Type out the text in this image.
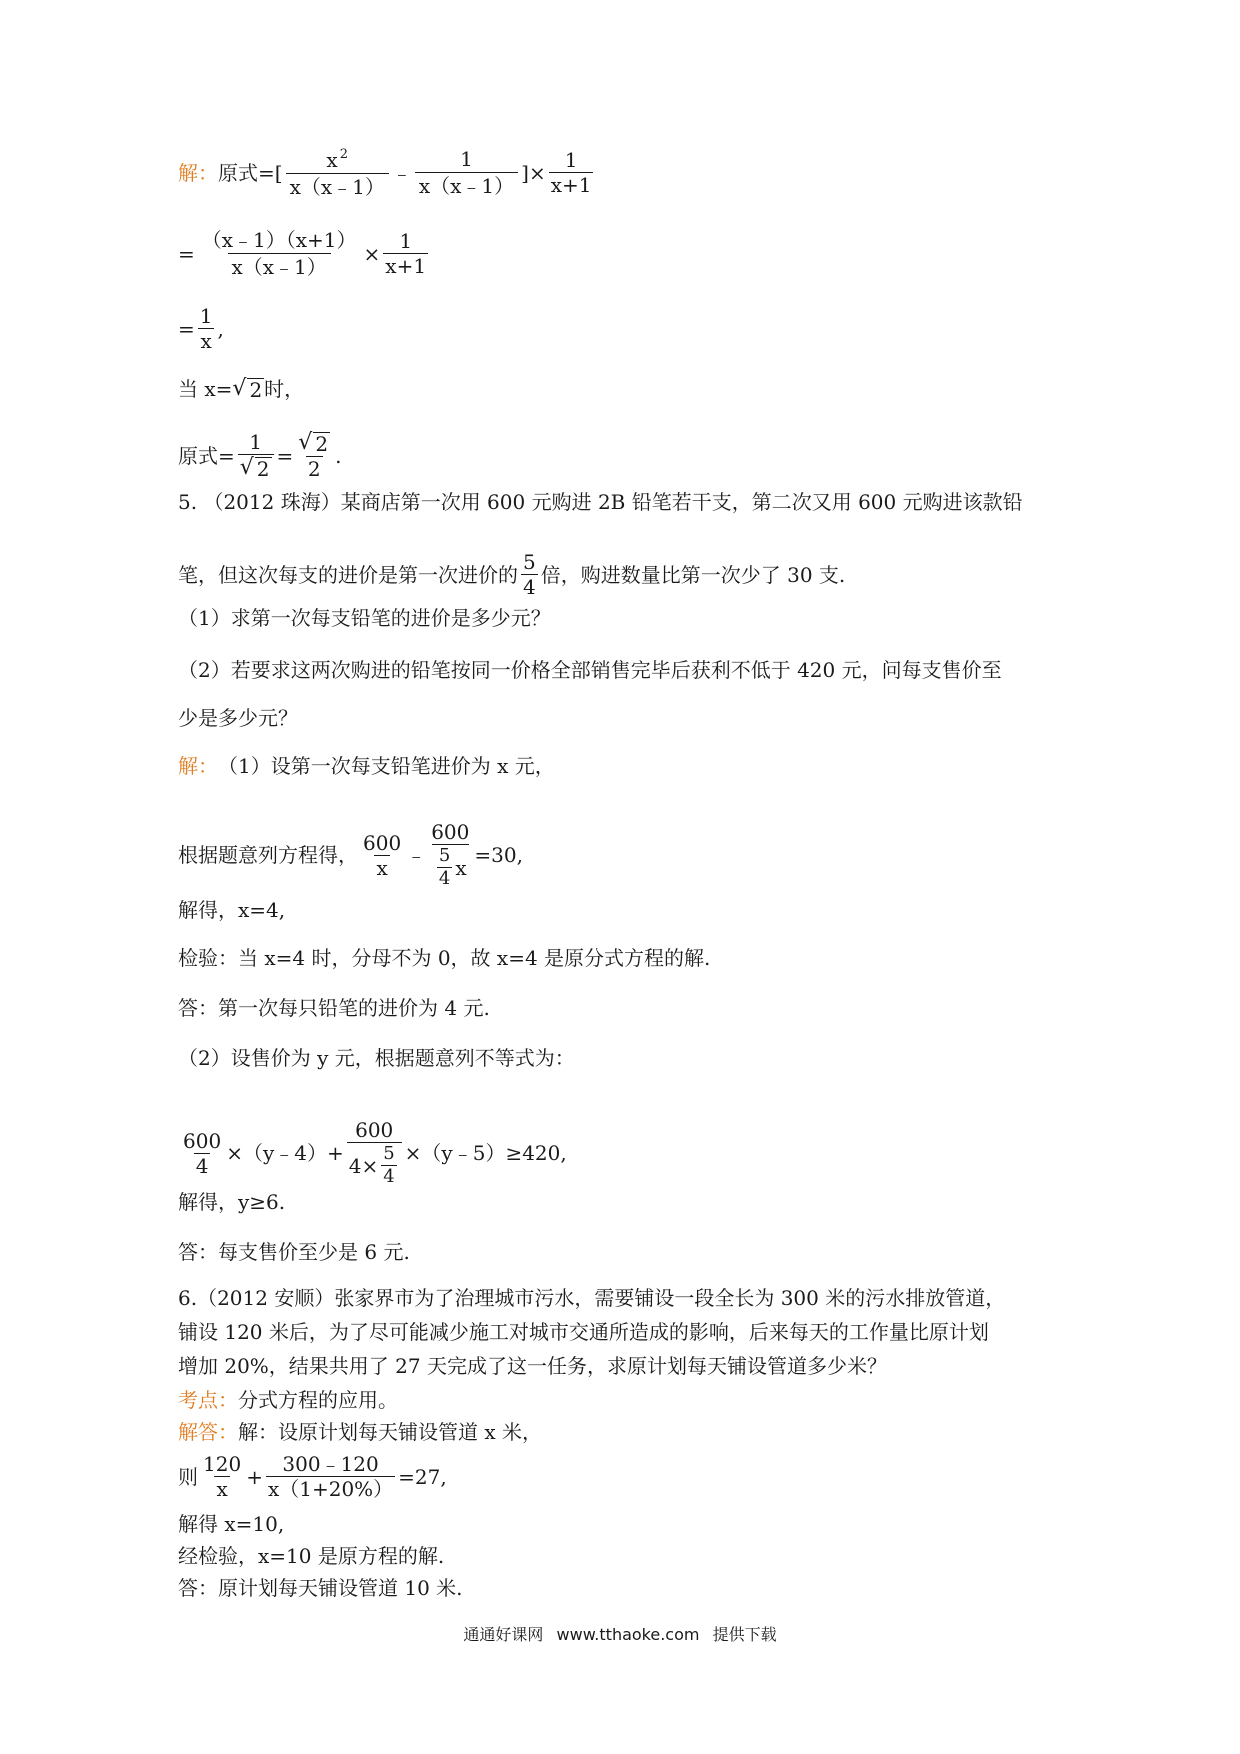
解： 原式=[ $\frac{x ^2}{x(x﹣1)}$ ﹣ $\frac{1}{x(x﹣1)}$ ]× $\frac{1}{x+1}$
= $\frac{(x﹣1)(x+1)}{x(x﹣1)} \times \frac{1}{x+1}$
= $\frac{1}{x}$ ,
当 x= √ 2 时，
原式= $\frac{1}{√ 2} = \frac{√ 2}{2}$ .
5. （2012 珠海）某商店第一次用 600 元购进 2B 铅笔若干支，第二次又用 600 元购进该款铅
笔，但这次每支的进价是第一次进价的 $\frac{5}{4}$ 倍，购进数量比第一次少了 30 支.
（1）求第一次每支铅笔的进价是多少元？
（2）若要求这两次购进的铅笔按同一价格全部销售完毕后获利不低于 420 元，问每支售价至
少是多少元？
解： （1）设第一次每支铅笔进价为 x 元，
根据题意列方程得， $\frac{600}{x}$ ﹣ $\frac{600}{\frac{5}{4} x} =30$,
解得，x=4,
检验：当 x=4 时，分母不为 0，故 x=4 是原分式方程的解.
答：第一次每只铅笔的进价为 4 元.
（2）设售价为 y 元，根据题意列不等式为：
$\frac{600}{4}$ ×（y﹣4）+ $\frac{600}{4\times \frac{5}{4}}$ ×（y﹣5）≥420,
解得，y≥6.
答：每支售价至少是 6 元.
6.（2012 安顺）张家界市为了治理城市污水，需要铺设一段全长为 300 米的污水排放管道，
铺设 120 米后，为了尽可能减少施工对城市交通所造成的影响，后来每天的工作量比原计划
增加 20%，结果共用了 27 天完成了这一任务，求原计划每天铺设管道多少米？
考点： 分式方程的应用。
解答： 解：设原计划每天铺设管道 x 米，
则 $\frac{120}{x} + \frac{300﹣120}{x(1+20\%)} =27$,
解得 x=10,
经检验，x=10 是原方程的解.
答：原计划每天铺设管道 10 米.
通通好课网 www.tthaoke.com 提供下载
